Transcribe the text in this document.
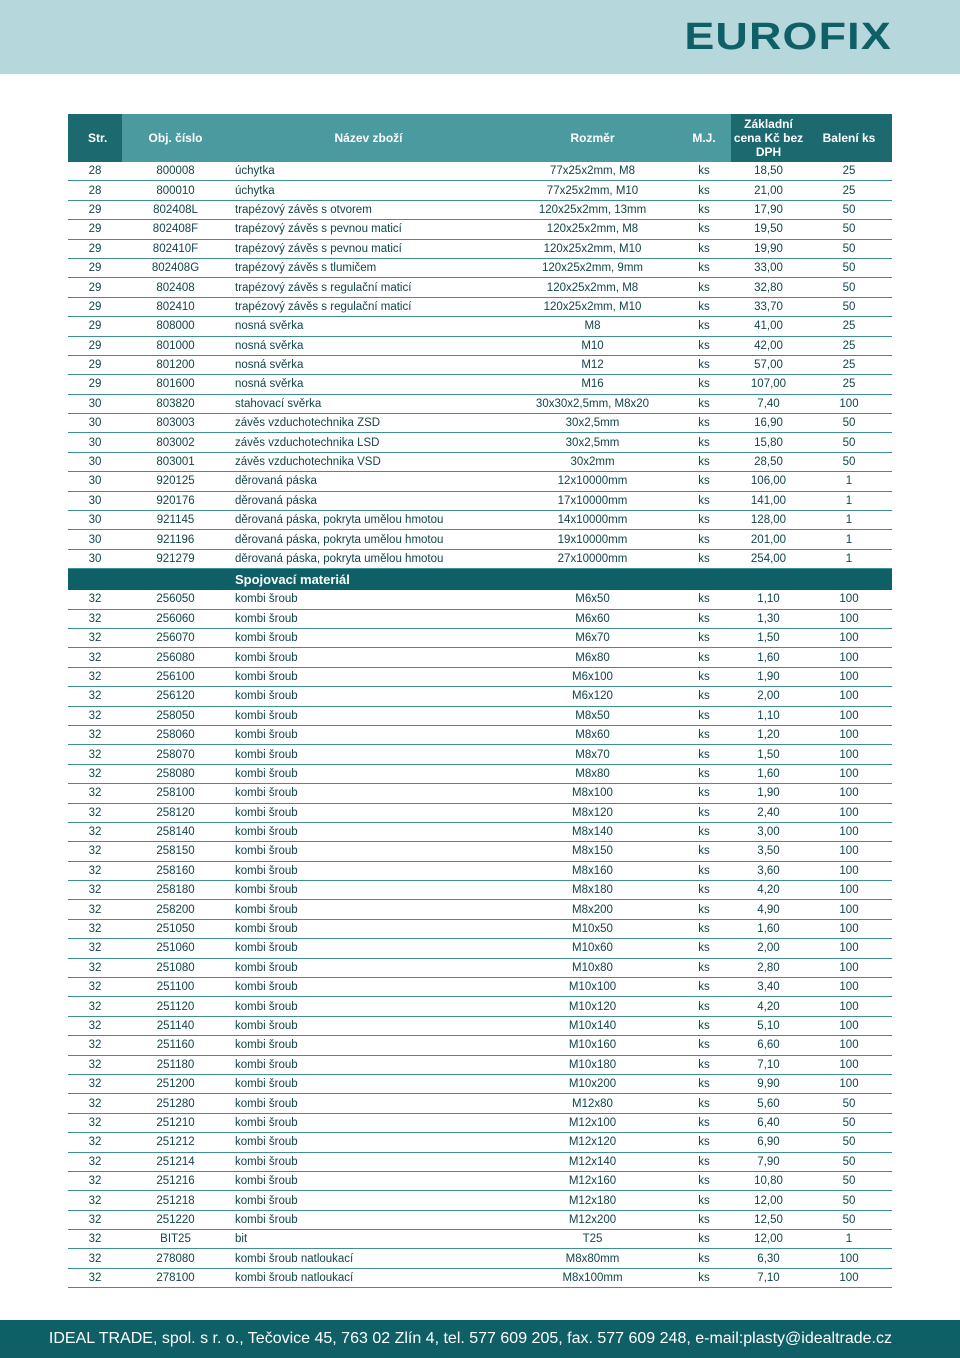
EUROFIX
Str.	Obj. číslo	Název zboží	Rozměr	M.J.	Základní cena Kč bez DPH	Balení ks
28	800008	úchytka	77x25x2mm, M8	ks	18,50	25
28	800010	úchytka	77x25x2mm, M10	ks	21,00	25
29	802408L	trapézový závěs s otvorem	120x25x2mm, 13mm	ks	17,90	50
29	802408F	trapézový závěs s pevnou maticí	120x25x2mm, M8	ks	19,50	50
29	802410F	trapézový závěs s pevnou maticí	120x25x2mm, M10	ks	19,90	50
29	802408G	trapézový závěs s tlumičem	120x25x2mm, 9mm	ks	33,00	50
29	802408	trapézový závěs s regulační maticí	120x25x2mm, M8	ks	32,80	50
29	802410	trapézový závěs s regulační maticí	120x25x2mm, M10	ks	33,70	50
29	808000	nosná svěrka	M8	ks	41,00	25
29	801000	nosná svěrka	M10	ks	42,00	25
29	801200	nosná svěrka	M12	ks	57,00	25
29	801600	nosná svěrka	M16	ks	107,00	25
30	803820	stahovací svěrka	30x30x2,5mm, M8x20	ks	7,40	100
30	803003	závěs vzduchotechnika ZSD	30x2,5mm	ks	16,90	50
30	803002	závěs vzduchotechnika LSD	30x2,5mm	ks	15,80	50
30	803001	závěs vzduchotechnika VSD	30x2mm	ks	28,50	50
30	920125	děrovaná páska	12x10000mm	ks	106,00	1
30	920176	děrovaná páska	17x10000mm	ks	141,00	1
30	921145	děrovaná páska, pokryta umělou hmotou	14x10000mm	ks	128,00	1
30	921196	děrovaná páska, pokryta umělou hmotou	19x10000mm	ks	201,00	1
30	921279	děrovaná páska, pokryta umělou hmotou	27x10000mm	ks	254,00	1
		Spojovací materiál				
32	256050	kombi šroub	M6x50	ks	1,10	100
32	256060	kombi šroub	M6x60	ks	1,30	100
32	256070	kombi šroub	M6x70	ks	1,50	100
32	256080	kombi šroub	M6x80	ks	1,60	100
32	256100	kombi šroub	M6x100	ks	1,90	100
32	256120	kombi šroub	M6x120	ks	2,00	100
32	258050	kombi šroub	M8x50	ks	1,10	100
32	258060	kombi šroub	M8x60	ks	1,20	100
32	258070	kombi šroub	M8x70	ks	1,50	100
32	258080	kombi šroub	M8x80	ks	1,60	100
32	258100	kombi šroub	M8x100	ks	1,90	100
32	258120	kombi šroub	M8x120	ks	2,40	100
32	258140	kombi šroub	M8x140	ks	3,00	100
32	258150	kombi šroub	M8x150	ks	3,50	100
32	258160	kombi šroub	M8x160	ks	3,60	100
32	258180	kombi šroub	M8x180	ks	4,20	100
32	258200	kombi šroub	M8x200	ks	4,90	100
32	251050	kombi šroub	M10x50	ks	1,60	100
32	251060	kombi šroub	M10x60	ks	2,00	100
32	251080	kombi šroub	M10x80	ks	2,80	100
32	251100	kombi šroub	M10x100	ks	3,40	100
32	251120	kombi šroub	M10x120	ks	4,20	100
32	251140	kombi šroub	M10x140	ks	5,10	100
32	251160	kombi šroub	M10x160	ks	6,60	100
32	251180	kombi šroub	M10x180	ks	7,10	100
32	251200	kombi šroub	M10x200	ks	9,90	100
32	251280	kombi šroub	M12x80	ks	5,60	50
32	251210	kombi šroub	M12x100	ks	6,40	50
32	251212	kombi šroub	M12x120	ks	6,90	50
32	251214	kombi šroub	M12x140	ks	7,90	50
32	251216	kombi šroub	M12x160	ks	10,80	50
32	251218	kombi šroub	M12x180	ks	12,00	50
32	251220	kombi šroub	M12x200	ks	12,50	50
32	BIT25	bit	T25	ks	12,00	1
32	278080	kombi šroub natloukací	M8x80mm	ks	6,30	100
32	278100	kombi šroub natloukací	M8x100mm	ks	7,10	100
IDEAL TRADE, spol. s r. o., Tečovice 45, 763 02 Zlín 4, tel. 577 609 205, fax. 577 609 248, e-mail:plasty@idealtrade.cz
